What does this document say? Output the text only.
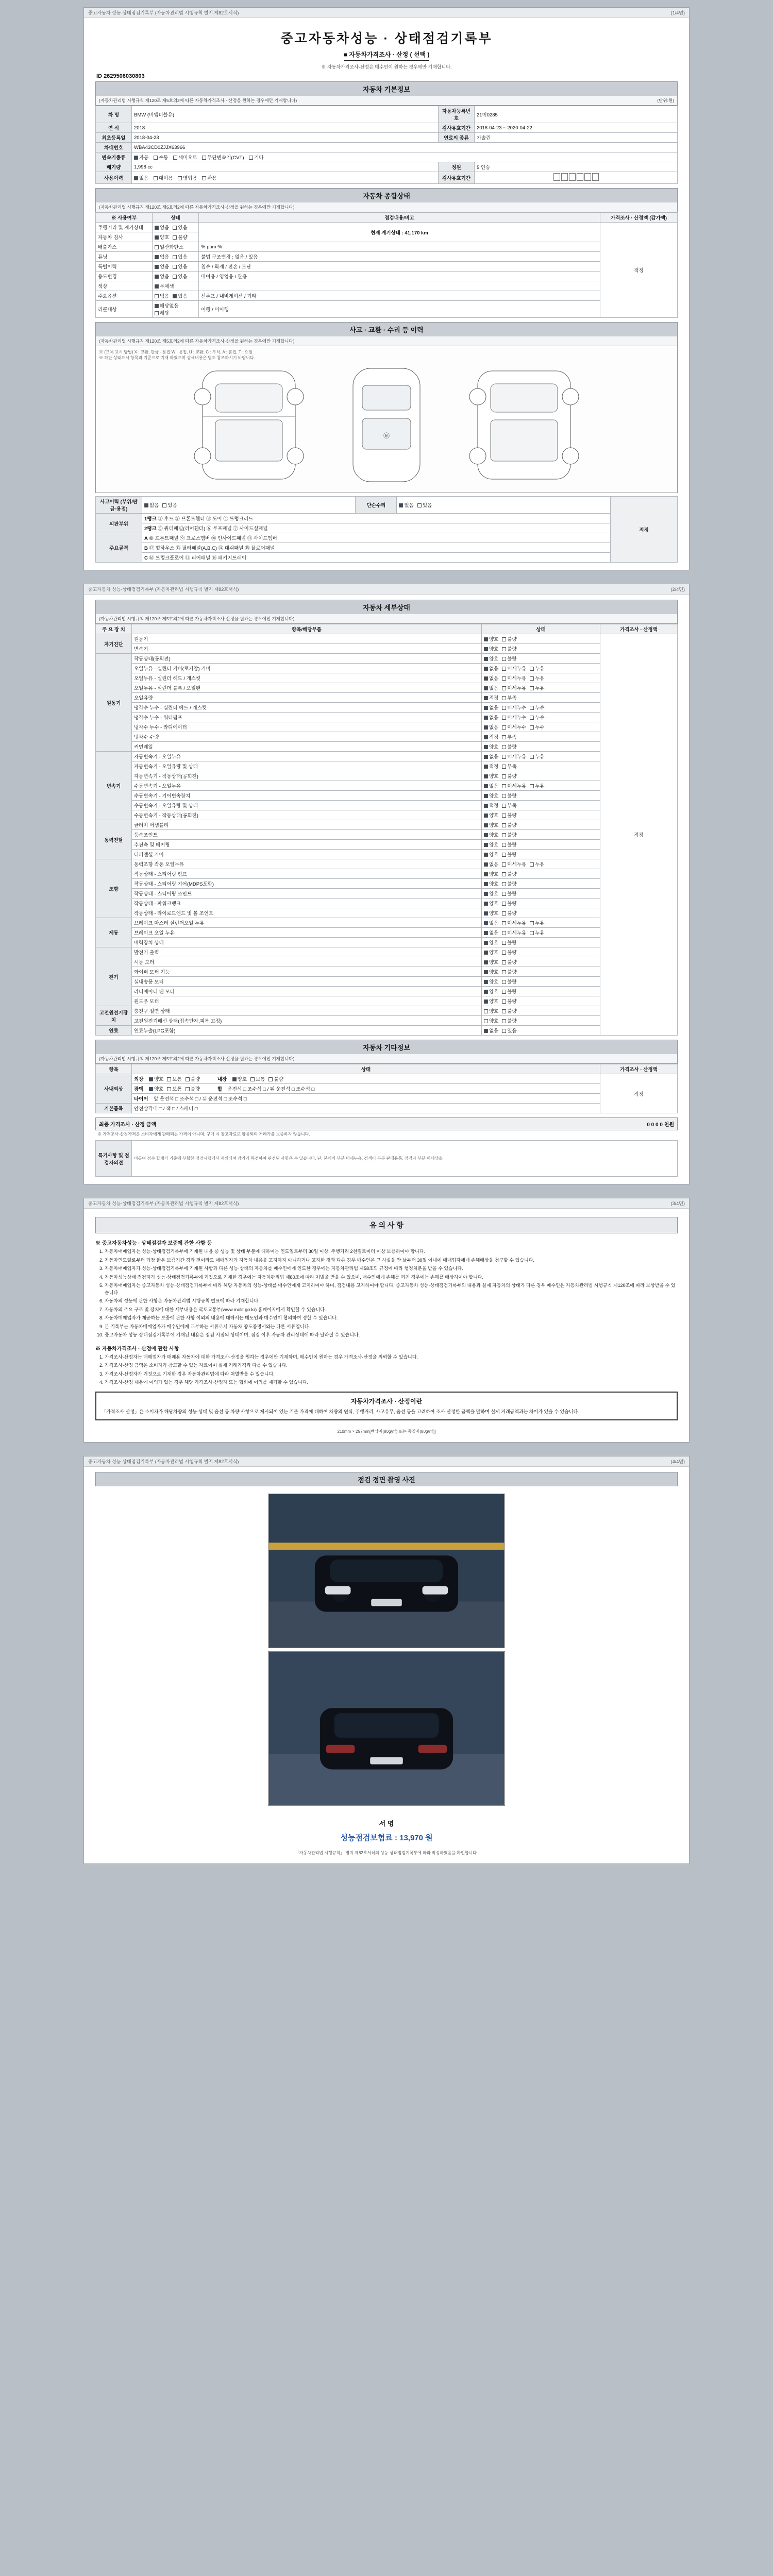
중고자동차 성능·상태점검기록부 (자동차관리법 시행규칙 별지 제82호서식)	(1/4면)
중고자동차성능 · 상태점검기록부
■ 자동차가격조사 · 산정 ( 선택 )
※ 자동차가격조사·산정은 매수인이 원하는 경우에만 기재합니다.
ID 2629506030803
자동차 기본정보
(자동차관리법 시행규칙 제120조 제5호의2에 따른 자동차가격조사 · 산정을 원하는 경우에만 기재합니다)	(단위:원)
차 명	BMW (비엠더블유)	자동차등록번호	21머0285
연 식	2018	검사유효기간	2018-04-23 ~ 2020-04-22
최초등록일	2018-04-23	연료의 종류	가솔린
차대번호	WBA43CD0ZJJX63966		
변속기종류	자동 수동 세미오토 무단변속기(CVT) 기타		
배기량	1,998 cc	정원	5 인승
사용이력	없음 대여용 영업용 관용	검사유효기간	
자동차 종합상태
(자동차관리법 시행규칙 제120조 제5호의2에 따른 자동차가격조사·산정을 원하는 경우에만 기재합니다)
※ 사용여부	상태	점검내용/비고	가격조사 · 산정액 (감가액)
주행거리 및 계기상태	없음 있음	현재 계기상태 : 41,170 km	적정
자동차 검사	양호 불량		
배출가스	일산화탄소	% ppm %	
튜닝	없음 있음	불법 구조변경 : 없음 / 있음	
특별이력	없음 있음	침수 / 화재 / 전손 / 도난	
용도변경	없음 있음	대여용 / 영업용 / 관용	
색상	무채색		
주요옵션	없음 있음	선루프 / 내비게이션 / 기타	
리콜대상	해당없음해당	이행 / 미이행	
사고 · 교환 · 수리 등 이력
(자동차관리법 시행규칙 제120조 제5호의2에 따른 자동차가격조사·산정을 원하는 경우에만 기재합니다)
※ (교체 표시 방법) X : 교환, 판금 · 용접 W : 용접, U : 교환, C : 부식, A : 흠집, T : 요철
※ 하단 상태표시 항목과 기준으로 기재 하였으며 상세내용은 별도 참조하시기 바랍니다.
⑯
사고이력 (부위/판금·용접)	없음 있음	단순수리	없음 있음	적정
외판부위	1랭크 ① 후드 ② 프론트휀더 ③ 도어 ④ 트렁크리드			
	2랭크 ⑤ 쿼터패널(리어휀더) ⑥ 루프패널 ⑦ 사이드실패널			
주요골격	A ⑧ 프론트패널 ⑨ 크로스멤버 ⑩ 인사이드패널 ⑪ 사이드멤버			
	B ⑫ 휠하우스 ⑬ 필러패널(A,B,C) ⑭ 대쉬패널 ⑮ 플로어패널			
	C ⑯ 트렁크플로어 ⑰ 리어패널 ⑱ 패키지트레이			
중고자동차 성능·상태점검기록부 (자동차관리법 시행규칙 별지 제82호서식)	(2/4면)
자동차 세부상태
(자동차관리법 시행규칙 제120조 제5호의2에 따른 자동차가격조사·산정을 원하는 경우에만 기재합니다)
주 요 장 치	항목/해당부품	상태	가격조사 · 산정액
자기진단	원동기	양호 불량	적정
	변속기	양호 불량	
원동기	작동상태(공회전)	양호 불량	
	오일누유 - 실린더 커버(로커암) 커버	없음 미세누유 누유	
	오일누유 - 실린더 헤드 / 개스킷	없음 미세누유 누유	
	오일누유 - 실린더 블록 / 오일팬	없음 미세누유 누유	
	오일유량	적정 부족	
	냉각수 누수 - 실린더 헤드 / 개스킷	없음 미세누수 누수	
	냉각수 누수 - 워터펌프	없음 미세누수 누수	
	냉각수 누수 - 라디에이터	없음 미세누수 누수	
	냉각수 수량	적정 부족	
	커먼레일	양호 불량	
변속기	자동변속기 - 오일누유	없음 미세누유 누유	
	자동변속기 - 오일유량 및 상태	적정 부족	
	자동변속기 - 작동상태(공회전)	양호 불량	
	수동변속기 - 오일누유	없음 미세누유 누유	
	수동변속기 - 기어변속장치	양호 불량	
	수동변속기 - 오일유량 및 상태	적정 부족	
	수동변속기 - 작동상태(공회전)	양호 불량	
동력전달	클러치 어셈블리	양호 불량	
	등속조인트	양호 불량	
	추진축 및 베어링	양호 불량	
	디퍼렌셜 기어	양호 불량	
조향	동력조향 작동 오일누유	없음 미세누유 누유	
	작동상태 - 스티어링 펌프	양호 불량	
	작동상태 - 스티어링 기어(MDPS포함)	양호 불량	
	작동상태 - 스티어링 조인트	양호 불량	
	작동상태 - 파워크랭크	양호 불량	
	작동상태 - 타이로드엔드 및 볼 조인트	양호 불량	
제동	브레이크 마스터 실린더오일 누유	없음 미세누유 누유	
	브레이크 오일 누유	없음 미세누유 누유	
	배력장치 상태	양호 불량	
전기	발전기 출력	양호 불량	
	시동 모터	양호 불량	
	와이퍼 모터 기능	양호 불량	
	실내송풍 모터	양호 불량	
	라디에이터 팬 모터	양호 불량	
	윈도우 모터	양호 불량	
고전원전기장치	충전구 절연 상태	양호 불량	
	고전원전기배선 상태(접속단자,피복,고정)	양호 불량	
연료	연료누출(LPG포함)	없음 있음	
자동차 기타정보
(자동차관리법 시행규칙 제120조 제5호의2에 따른 자동차가격조사·산정을 원하는 경우에만 기재합니다)
항목	상태	가격조사 · 산정액
사내외상	외장 양호 보통 불량 내장 양호 보통 불량	적정
	광택 양호 보통 불량 휠 운전석 □ 조수석 □ / 뒤 운전석 □ 조수석 □	
	타이어 앞 운전석 □ 조수석 □ / 뒤 운전석 □ 조수석 □	
기본품목	안전삼각대 □ / 잭 □ / 스패너 □	
최종 가격조사 · 산정 금액	0 0 0 0 천원
※ 가격조사·산정가격은 소비자에게 판매되는 가격이 아니며, 구매 시 참고자료로 활용되며 거래가를 보증하지 않습니다.
특기사항 및 점검자의견	비공여 점수 합계가 기준에 부합한 점검시행에서 제외되며 감가가 특정하여 판정된 사항은 수 있습니다. 단, 본체의 부분 미세누유, 검색이 부분 판매용품, 점검자 부분 미세상을
중고자동차 성능·상태점검기록부 (자동차관리법 시행규칙 별지 제82호서식)	(3/4면)
유 의 사 항
※ 중고자동차성능 · 상태점검자 보증에 관한 사항 등
1. 자동차매매업자는 성능·상태점검기록부에 기재된 내용 중 성능 및 상태 부분에 대하여는 인도일로부터 30일 이상, 주행거리 2천킬로미터 이상 보증하여야 합니다.
2. 자동차인도일로부터 가장 짧은 보증기간 경과 전이라도 매매업자가 자동차 내용을 고지하지 아니하거나 고지한 것과 다른 경우 매수인은 그 사실을 안 날부터 30일 이내에 매매업자에게 손해배상을 청구할 수 있습니다.
3. 자동차매매업자가 성능·상태점검기록부에 기재된 사항과 다른 성능·상태의 자동차를 매수인에게 인도한 경우에는 자동차관리법 제58조의 규정에 따라 행정처분을 받을 수 있습니다.
4. 자동차성능상태 점검자가 성능·상태점검기록부에 거짓으로 기재한 경우에는 자동차관리법 제80조에 따라 처벌을 받을 수 있으며, 매수인에게 손해를 끼친 경우에는 손해를 배상하여야 합니다.
5. 자동차매매업자는 중고자동차 성능·상태점검기록부에 따라 해당 자동차의 성능·상태를 매수인에게 고지하여야 하며, 점검내용 고지하여야 합니다. 중고자동차 성능·상태점검기록부의 내용과 실제 자동차의 상태가 다른 경우 매수인은 자동차관리법 시행규칙 제120조에 따라 보상받을 수 있습니다.
6. 자동차의 성능에 관한 사항은 자동차관리법 시행규칙 별표에 따라 기재합니다.
7. 자동차의 주요 구조 및 장치에 대한 세부내용은 국토교통부(www.molit.go.kr) 홈페이지에서 확인할 수 있습니다.
8. 자동차매매업자가 제공하는 보증에 관한 사항 이외의 내용에 대해서는 매도인과 매수인이 협의하여 정할 수 있습니다.
9. 본 기록부는 자동차매매업자가 매수인에게 교부하는 서류로서 자동차 양도증명서와는 다른 서류입니다.
10. 중고자동차 성능·상태점검기록부에 기재된 내용은 점검 시점의 상태이며, 점검 이후 자동차 관리상태에 따라 달라질 수 있습니다.
※ 자동차가격조사 · 산정에 관한 사항
1. 가격조사·산정자는 매매업자가 매매용 자동차에 대한 가격조사·산정을 원하는 경우에만 기재하며, 매수인이 원하는 경우 가격조사·산정을 의뢰할 수 있습니다.
2. 가격조사·산정 금액은 소비자가 참고할 수 있는 자료이며 실제 거래가격과 다를 수 있습니다.
3. 가격조사·산정자가 거짓으로 기재한 경우 자동차관리법에 따라 처벌받을 수 있습니다.
4. 가격조사·산정 내용에 이의가 있는 경우 해당 가격조사·산정자 또는 협회에 이의를 제기할 수 있습니다.
자동차가격조사 · 산정이란
「가격조사·산정」은 소비자가 해당차량의 성능·상태 및 옵션 등 차량 사항으로 제시되어 있는 기준 가격에 대하여 차량의 연식, 주행거리, 사고유무, 옵션 등을 고려하여 조사·산정한 금액을 말하며 실제 거래금액과는 차이가 있을 수 있습니다.
210mm × 297mm[백상지(80g/㎡) 또는 중질지(80g/㎡)]
중고자동차 성능·상태점검기록부 (자동차관리법 시행규칙 별지 제82호서식)	(4/4면)
점검 정면 촬영 사진
서 명
성능점검보험료 : 13,970 원
「자동차관리법 시행규칙」 별지 제82호서식의 성능·상태점검기록부에 따라 작성하였음을 확인합니다.
